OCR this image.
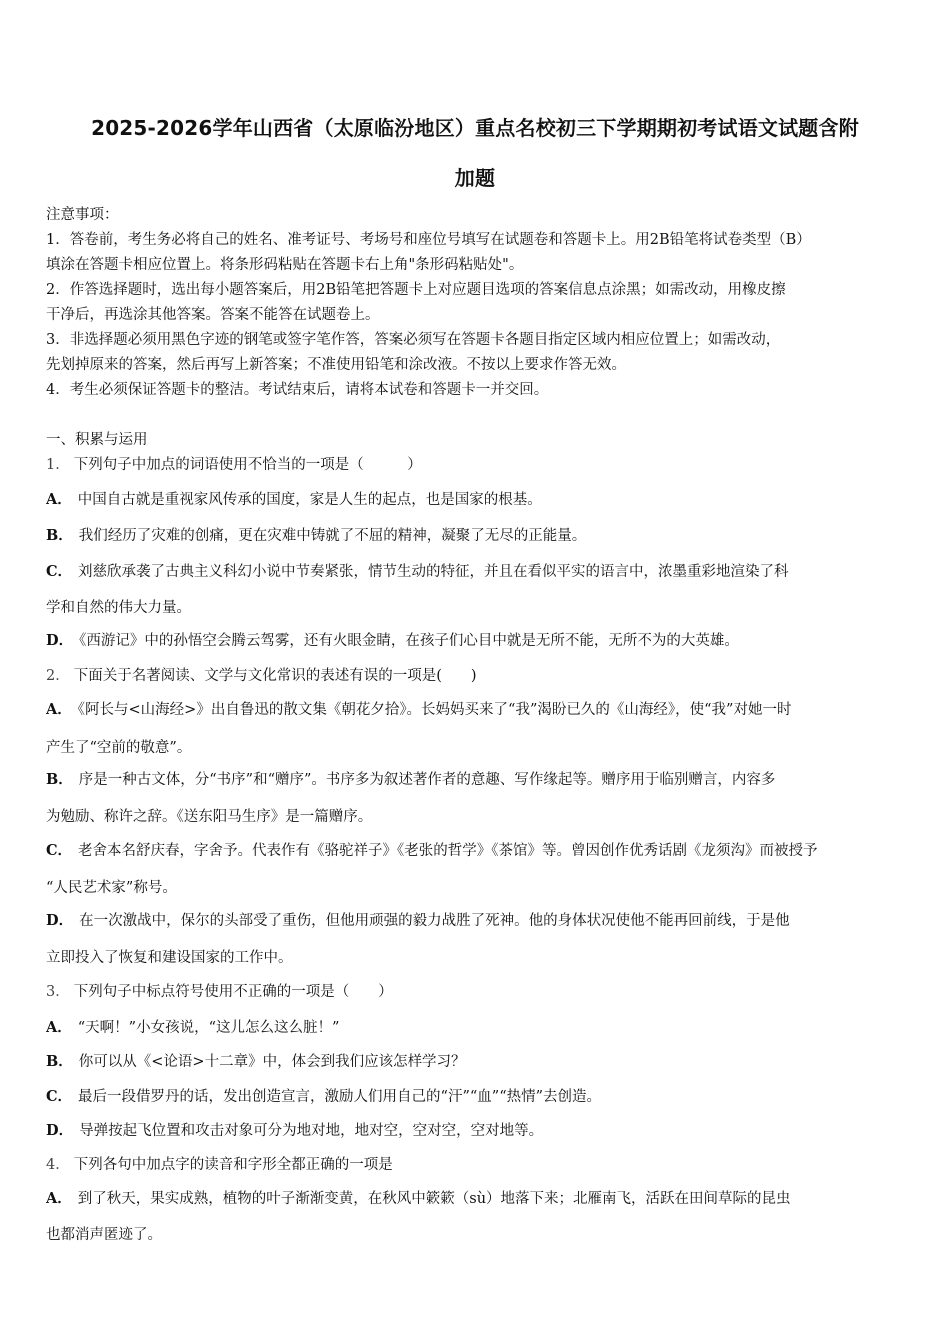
2025-2026学年山西省（太原临汾地区）重点名校初三下学期期初考试语文试题含附
加题
注意事项：
1．答卷前，考生务必将自己的姓名、准考证号、考场号和座位号填写在试题卷和答题卡上。用2B铅笔将试卷类型（B）
填涂在答题卡相应位置上。将条形码粘贴在答题卡右上角"条形码粘贴处"。
2．作答选择题时，选出每小题答案后，用2B铅笔把答题卡上对应题目选项的答案信息点涂黑；如需改动，用橡皮擦
干净后，再选涂其他答案。答案不能答在试题卷上。
3．非选择题必须用黑色字迹的钢笔或签字笔作答，答案必须写在答题卡各题目指定区域内相应位置上；如需改动，
先划掉原来的答案，然后再写上新答案；不准使用铅笔和涂改液。不按以上要求作答无效。
4．考生必须保证答题卡的整洁。考试结束后，请将本试卷和答题卡一并交回。
一、积累与运用
1． 下列句子中加点的词语使用不恰当的一项是（　　　）
A． 中国自古就是重视家风传承的国度，家是人生的起点，也是国家的根基。
B． 我们经历了灾难的创痛，更在灾难中铸就了不屈的精神，凝聚了无尽的正能量。
C． 刘慈欣承袭了古典主义科幻小说中节奏紧张，情节生动的特征，并且在看似平实的语言中，浓墨重彩地渲染了科
学和自然的伟大力量。
D． 《西游记》中的孙悟空会腾云驾雾，还有火眼金睛，在孩子们心目中就是无所不能，无所不为的大英雄。
2． 下面关于名著阅读、文学与文化常识的表述有误的一项是(　　)
A． 《阿长与<山海经>》出自鲁迅的散文集《朝花夕拾》。长妈妈买来了“我”渴盼已久的《山海经》，使“我”对她一时
产生了“空前的敬意”。
B． 序是一种古文体，分“书序”和“赠序”。书序多为叙述著作者的意趣、写作缘起等。赠序用于临别赠言，内容多
为勉励、称许之辞。《送东阳马生序》是一篇赠序。
C． 老舍本名舒庆春，字舍予。代表作有《骆驼祥子》《老张的哲学》《茶馆》等。曾因创作优秀话剧《龙须沟》而被授予
“人民艺术家”称号。
D． 在一次激战中，保尔的头部受了重伤，但他用顽强的毅力战胜了死神。他的身体状况使他不能再回前线，于是他
立即投入了恢复和建设国家的工作中。
3． 下列句子中标点符号使用不正确的一项是（　　）
A． “天啊！”小女孩说，“这儿怎么这么脏！”
B． 你可以从《<论语>十二章》中，体会到我们应该怎样学习？
C． 最后一段借罗丹的话，发出创造宣言，激励人们用自己的“汗”“血”“热情”去创造。
D． 导弹按起飞位置和攻击对象可分为地对地，地对空，空对空，空对地等。
4． 下列各句中加点字的读音和字形全都正确的一项是
A． 到了秋天，果实成熟，植物的叶子渐渐变黄，在秋风中簌簌（sù）地落下来；北雁南飞，活跃在田间草际的昆虫
也都消声匿迹了。
